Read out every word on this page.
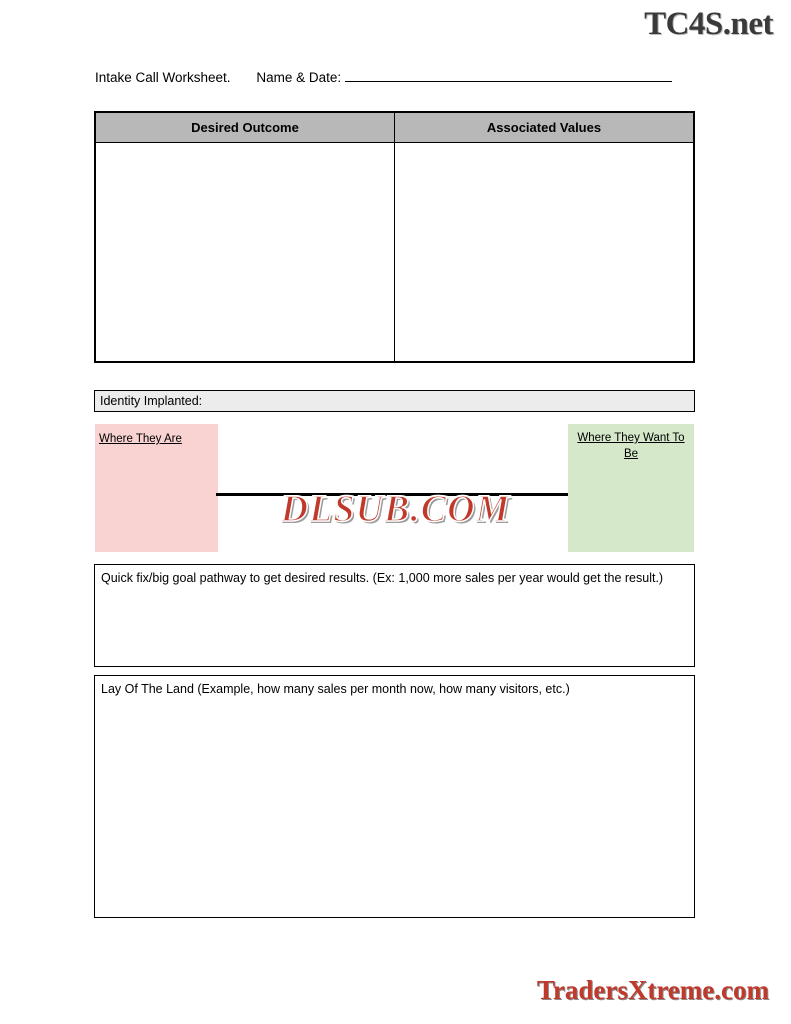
TC4S.net
Intake Call Worksheet. Name & Date:
Desired Outcome	Associated Values

Identity Implanted:
Where They Are	Where They Want To Be
DLSUB.COM
Quick fix/big goal pathway to get desired results. (Ex: 1,000 more sales per year would get the result.)
Lay Of The Land (Example, how many sales per month now, how many visitors, etc.)
TradersXtreme.com
